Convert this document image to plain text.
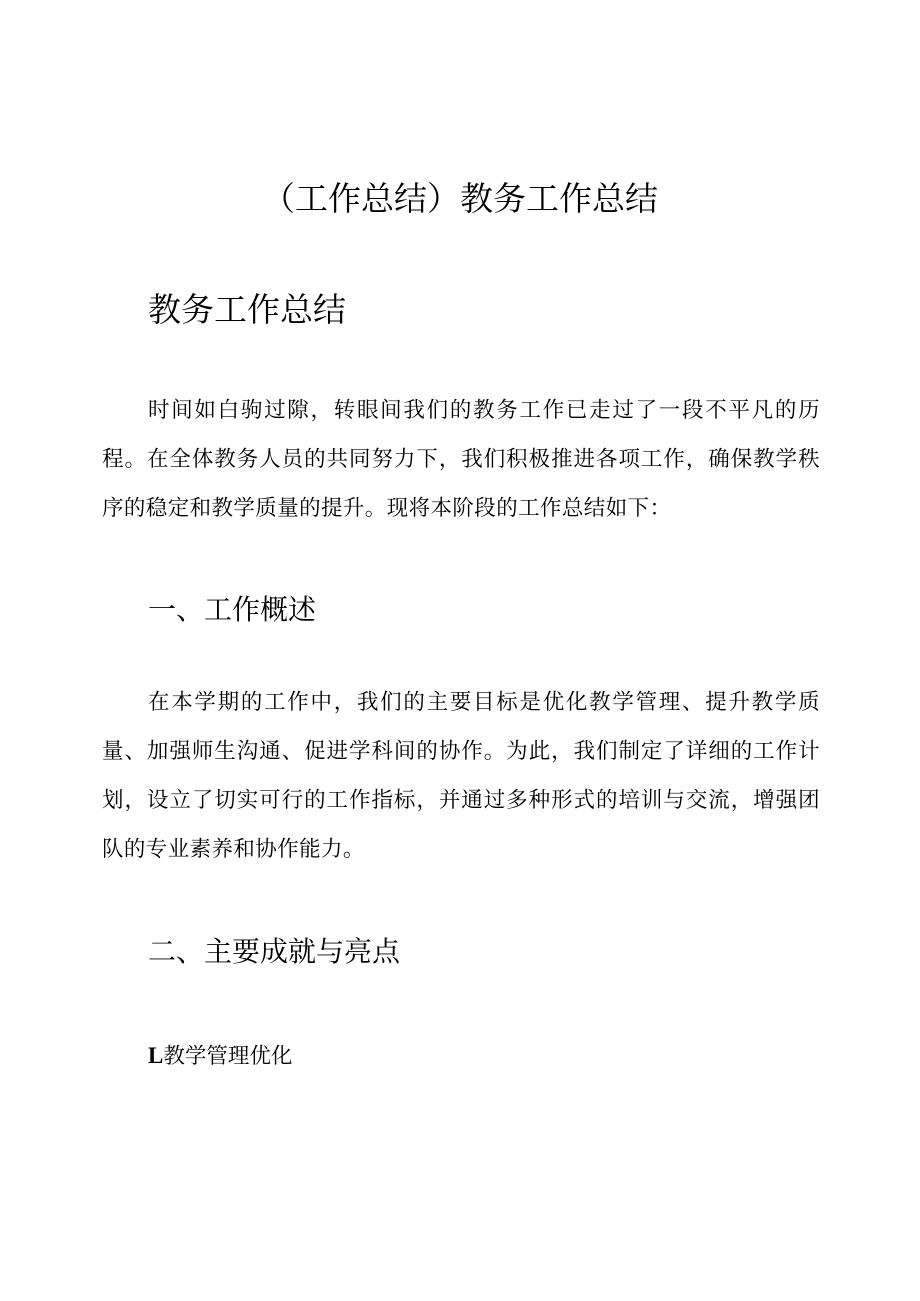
（工作总结）教务工作总结
教务工作总结

时间如白驹过隙，转眼间我们的教务工作已走过了一段不平凡的历程。在全体教务人员的共同努力下，我们积极推进各项工作，确保教学秩序的稳定和教学质量的提升。现将本阶段的工作总结如下：

一、工作概述

在本学期的工作中，我们的主要目标是优化教学管理、提升教学质量、加强师生沟通、促进学科间的协作。为此，我们制定了详细的工作计划，设立了切实可行的工作指标，并通过多种形式的培训与交流，增强团队的专业素养和协作能力。

二、主要成就与亮点

L教学管理优化
